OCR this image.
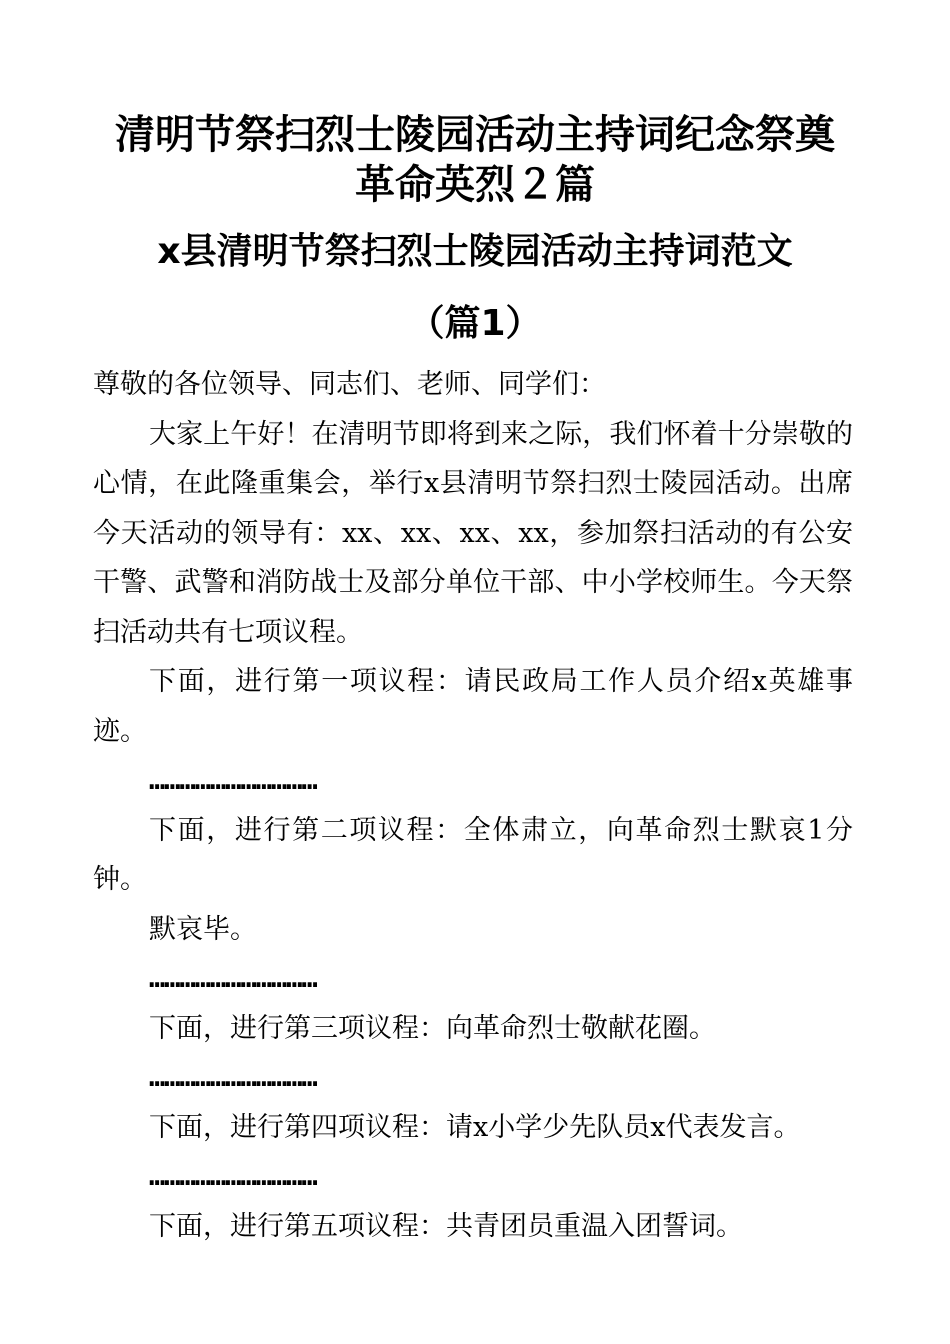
清明节祭扫烈士陵园活动主持词纪念祭奠
革命英烈２篇
x县清明节祭扫烈士陵园活动主持词范文
（篇1）

尊敬的各位领导、同志们、老师、同学们：

大家上午好！在清明节即将到来之际，我们怀着十分崇敬的心情，在此隆重集会，举行x县清明节祭扫烈士陵园活动。出席今天活动的领导有：xx、xx、xx、xx，参加祭扫活动的有公安干警、武警和消防战士及部分单位干部、中小学校师生。今天祭扫活动共有七项议程。

下面，进行第一项议程：请民政局工作人员介绍x英雄事迹。

……………………………

下面，进行第二项议程：全体肃立，向革命烈士默哀1分钟。

默哀毕。

……………………………

下面，进行第三项议程：向革命烈士敬献花圈。

……………………………

下面，进行第四项议程：请x小学少先队员x代表发言。

……………………………

下面，进行第五项议程：共青团员重温入团誓词。
